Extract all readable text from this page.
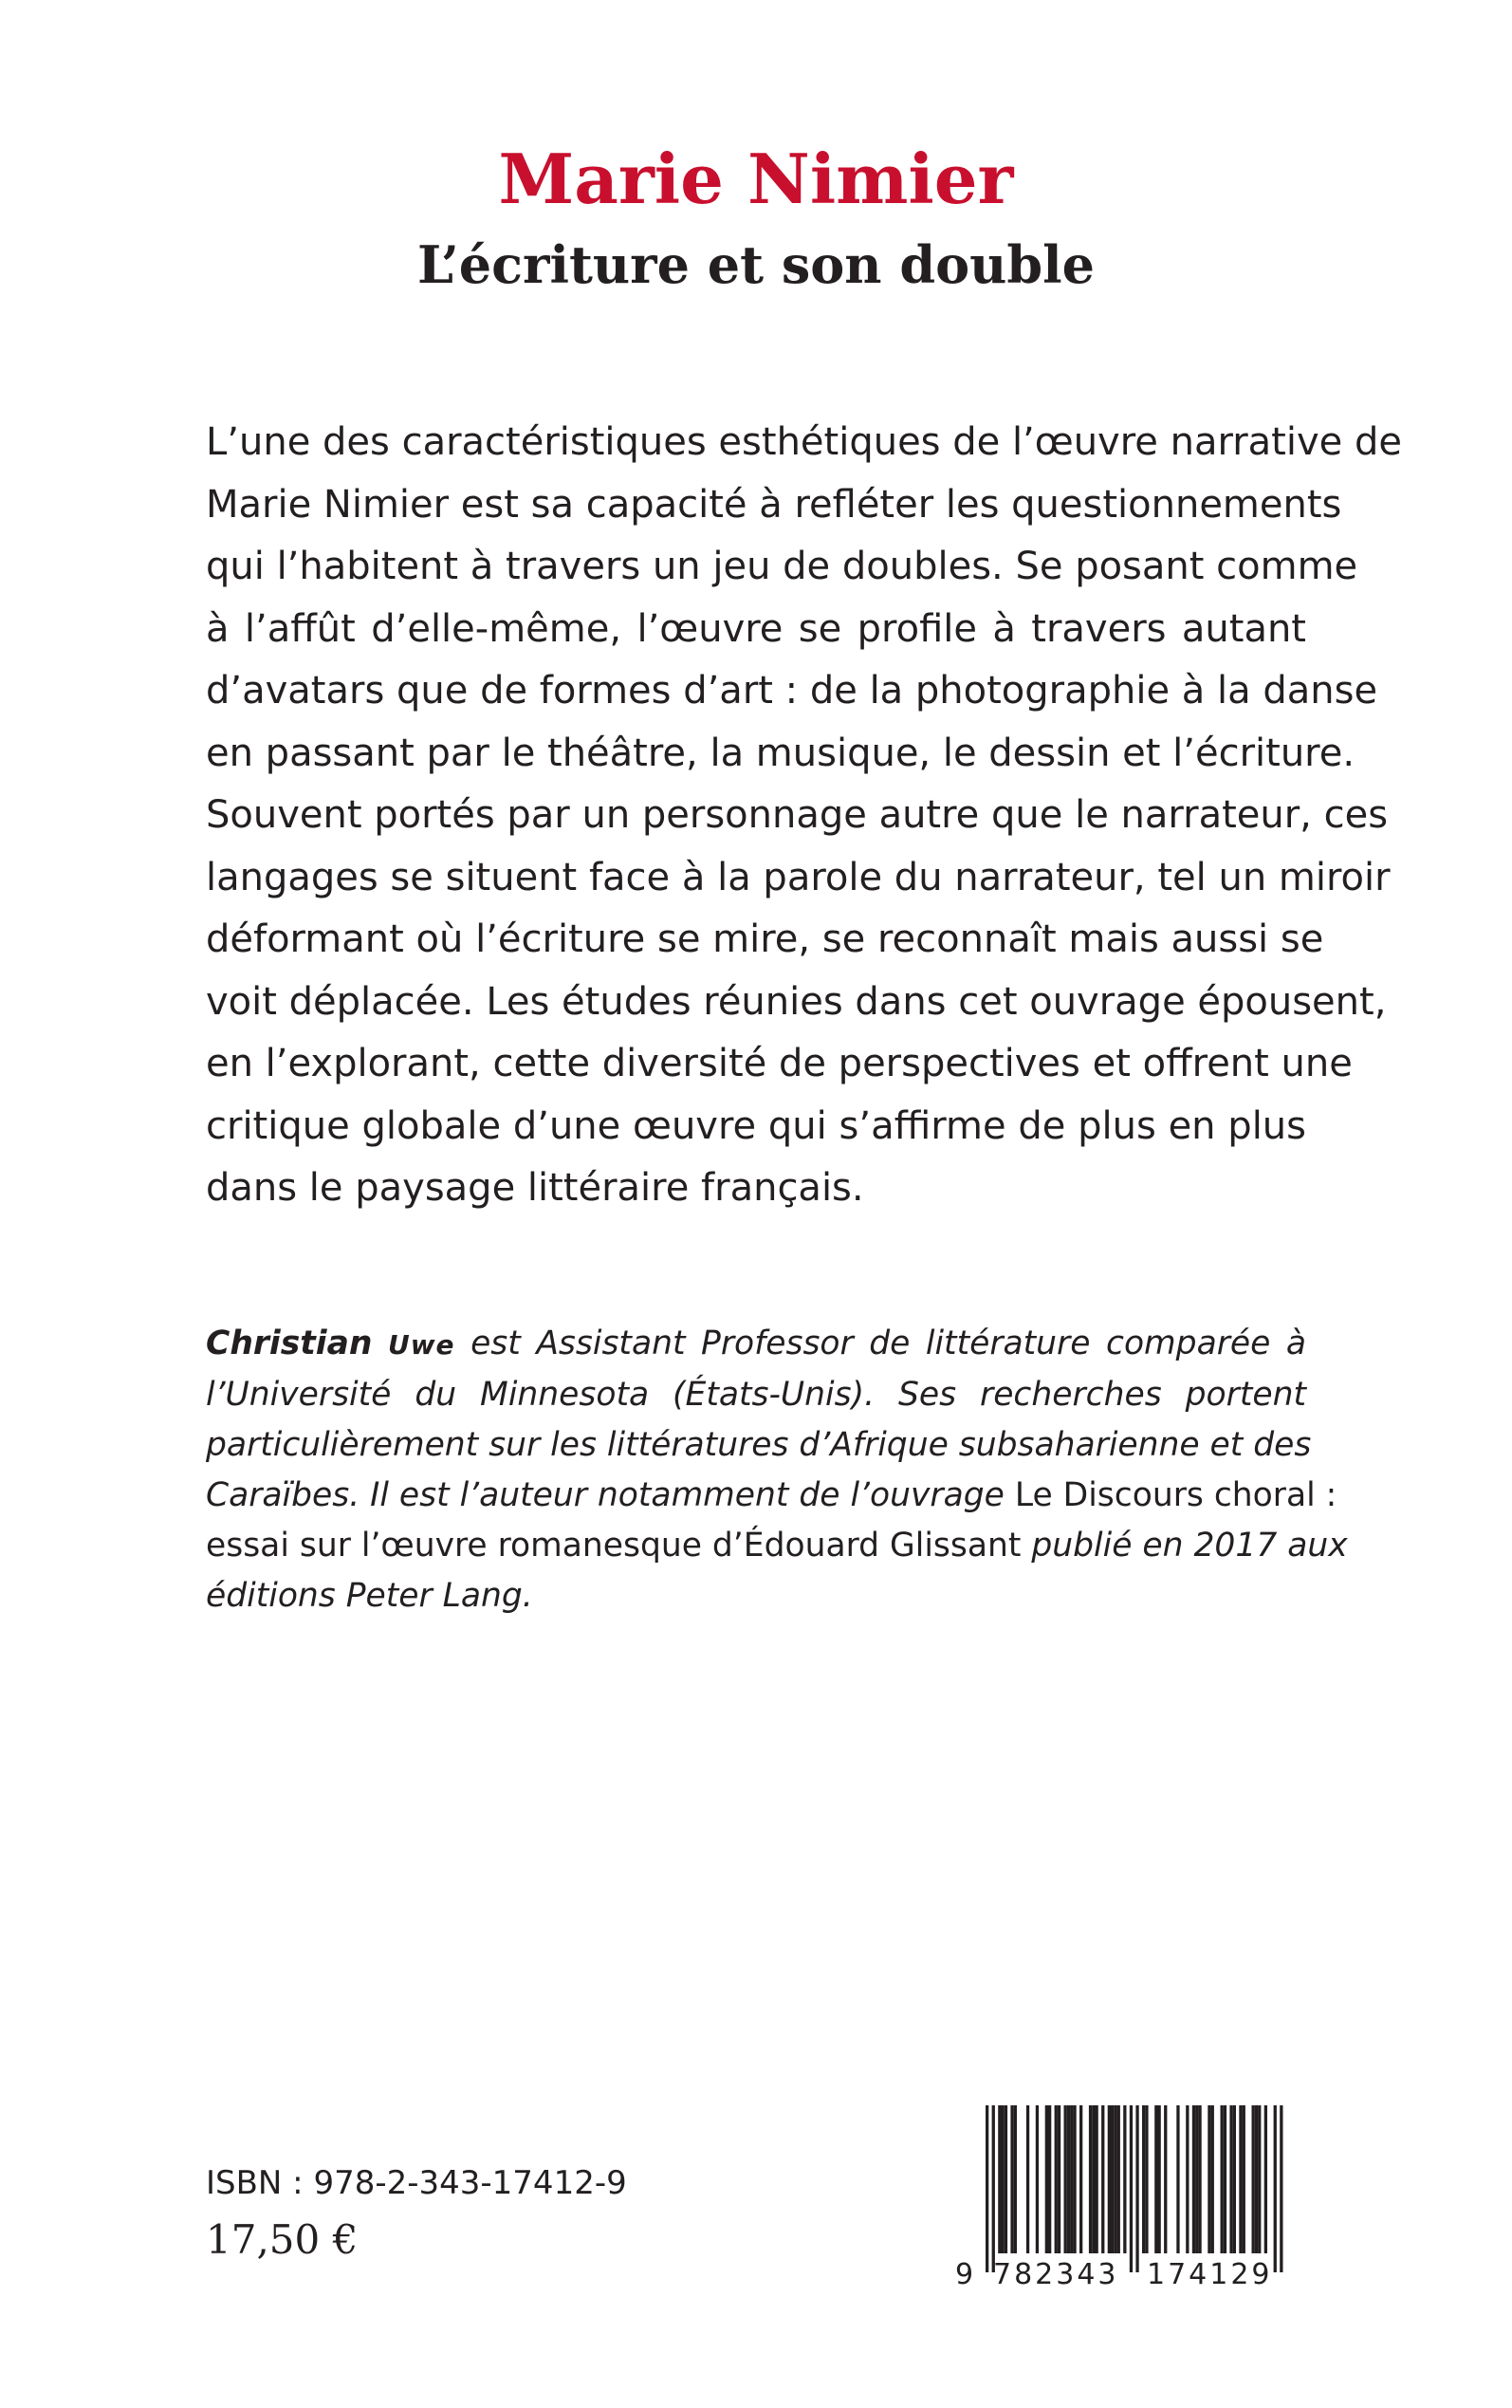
Marie Nimier
L’écriture et son double
L’une des caractéristiques esthétiques de l’œuvre narrative de
Marie Nimier est sa capacité à refléter les questionnements
qui l’habitent à travers un jeu de doubles. Se posant comme
à l’affût d’elle-même, l’œuvre se profile à travers autant
d’avatars que de formes d’art : de la photographie à la danse
en passant par le théâtre, la musique, le dessin et l’écriture.
Souvent portés par un personnage autre que le narrateur, ces
langages se situent face à la parole du narrateur, tel un miroir
déformant où l’écriture se mire, se reconnaît mais aussi se
voit déplacée. Les études réunies dans cet ouvrage épousent,
en l’explorant, cette diversité de perspectives et offrent une
critique globale d’une œuvre qui s’affirme de plus en plus
dans le paysage littéraire français.
Christian Uwe est Assistant Professor de littérature comparée à
l’Université du Minnesota (États-Unis). Ses recherches portent
particulièrement sur les littératures d’Afrique subsaharienne et des
Caraïbes. Il est l’auteur notamment de l’ouvrage Le Discours choral :
essai sur l’œuvre romanesque d’Édouard Glissant publié en 2017 aux
éditions Peter Lang.
ISBN : 978-2-343-17412-9
17,50 €
9 782343 174129
